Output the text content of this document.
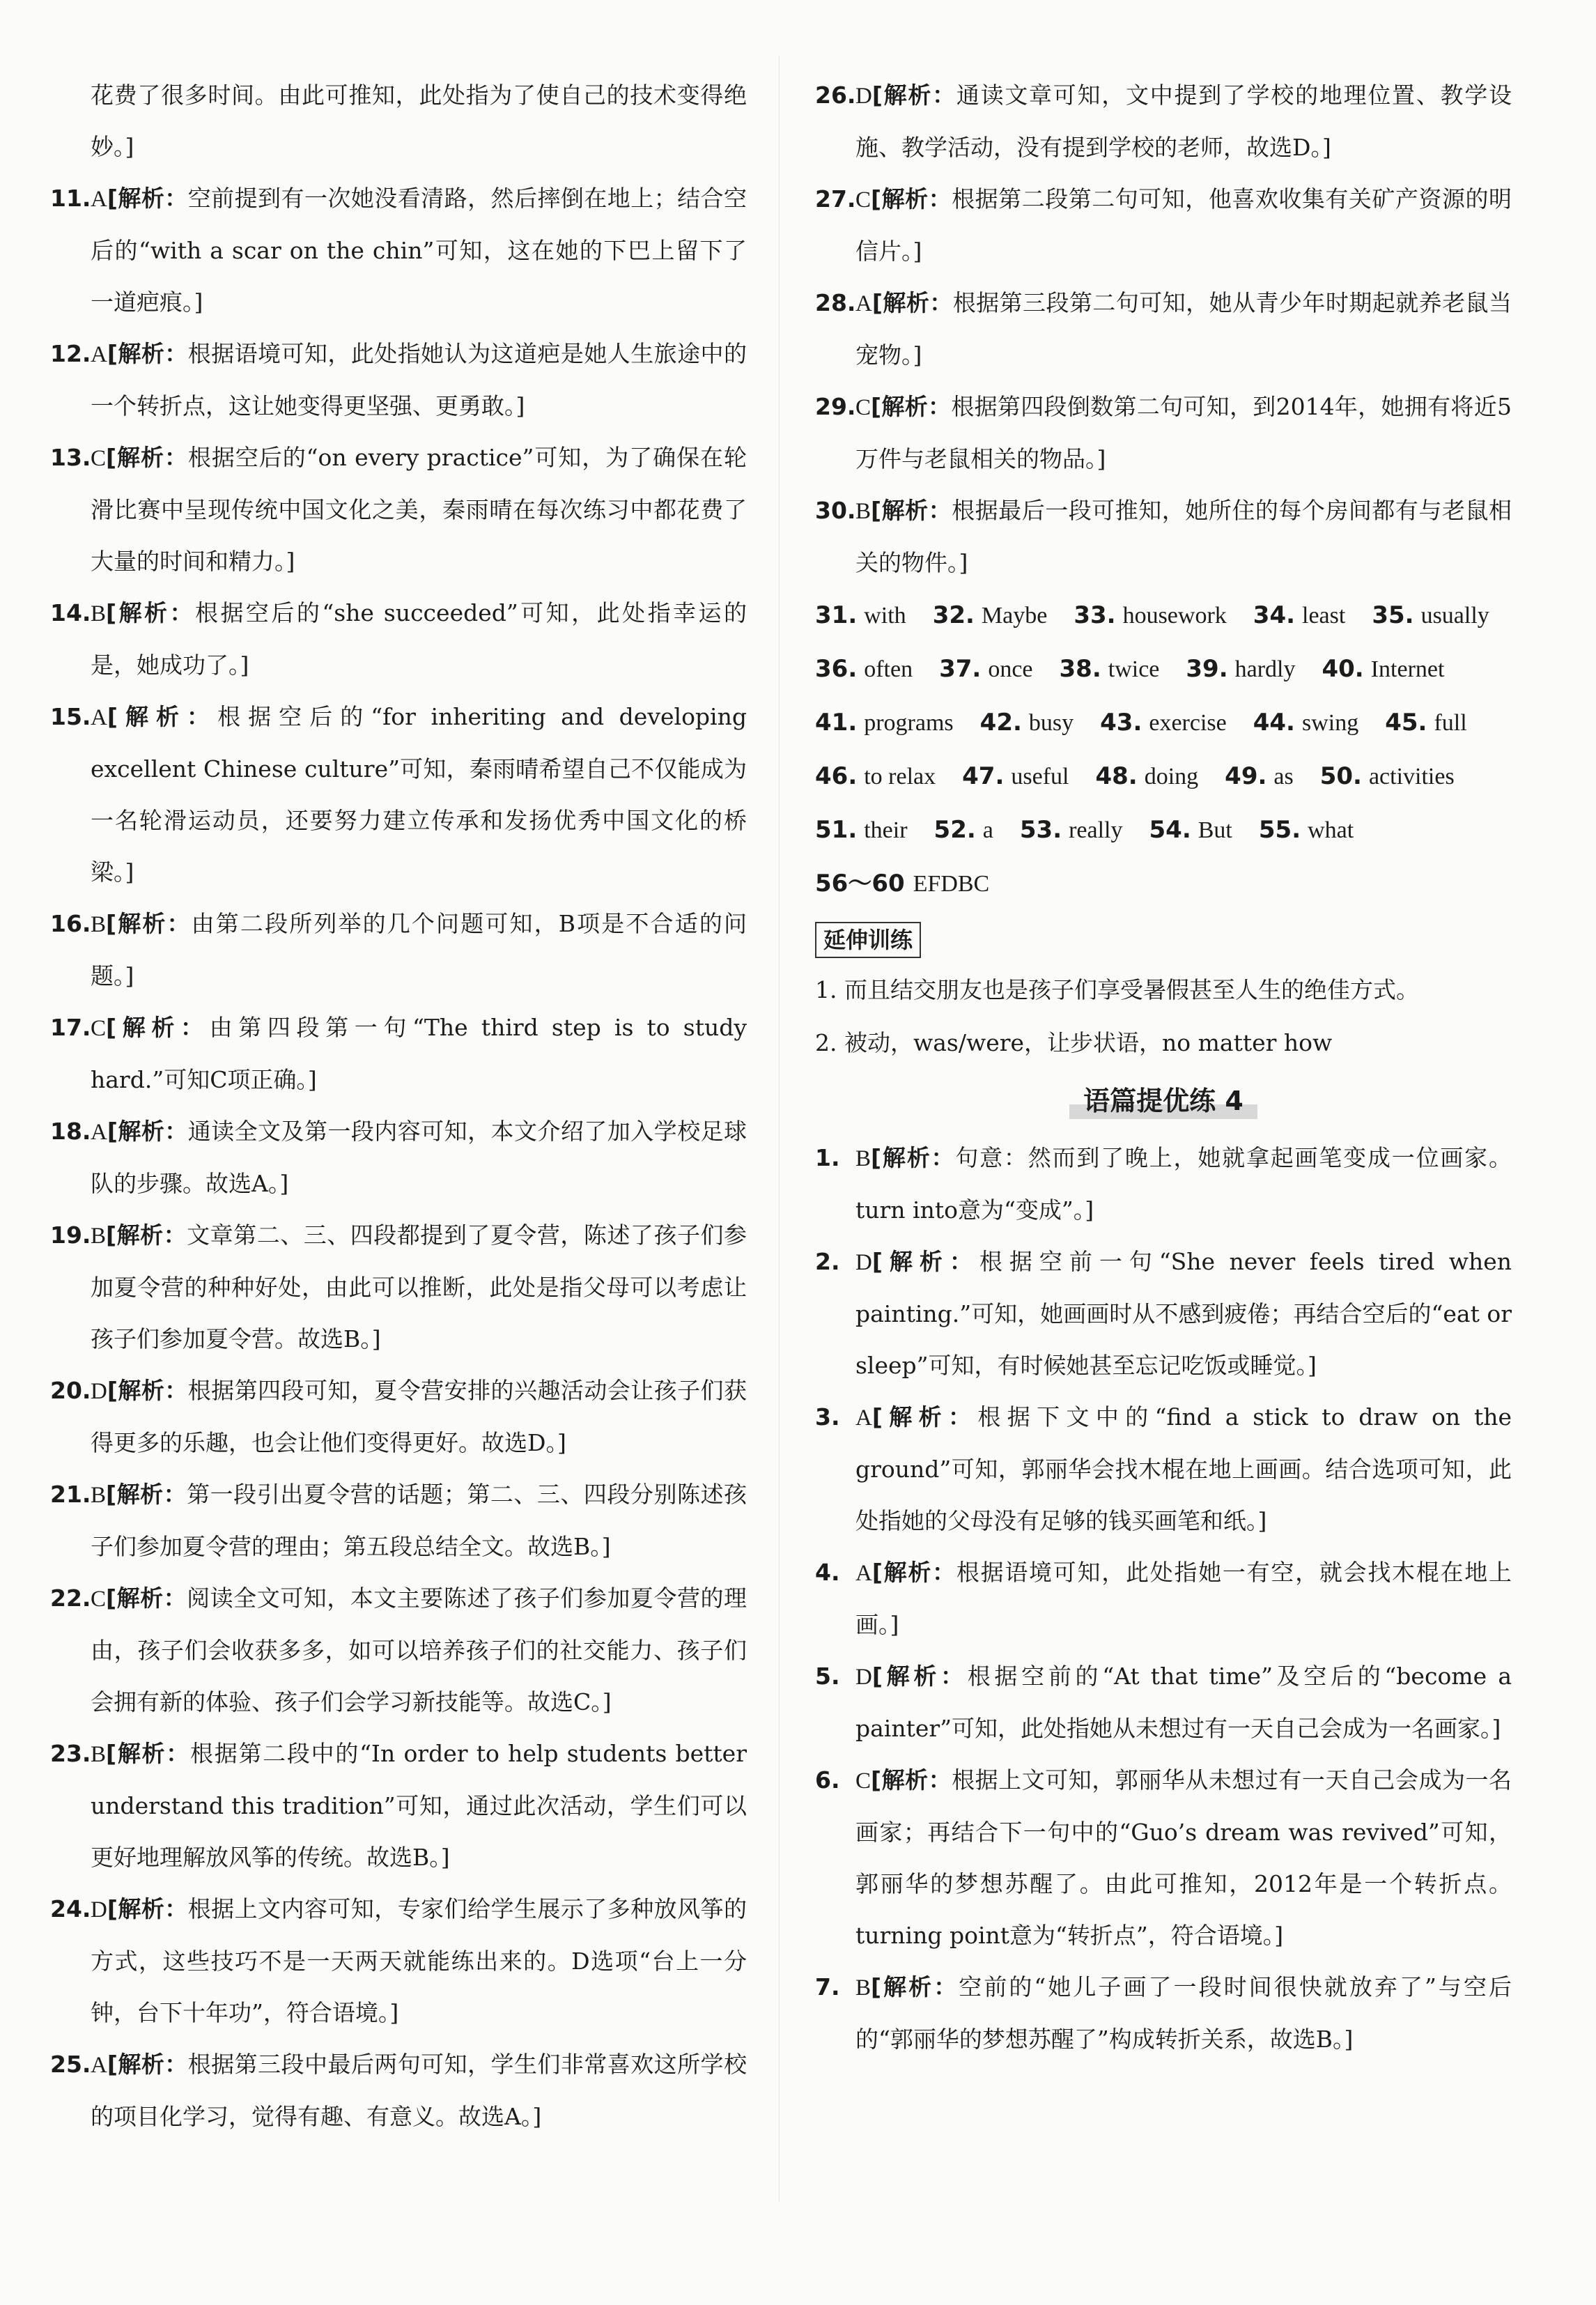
花费了很多时间。由此可推知，此处指为了使自己的技术变得绝妙。]
11. A[解析：空前提到有一次她没看清路，然后摔倒在地上；结合空后的“with a scar on the chin”可知，这在她的下巴上留下了一道疤痕。]
12. A[解析：根据语境可知，此处指她认为这道疤是她人生旅途中的一个转折点，这让她变得更坚强、更勇敢。]
13. C[解析：根据空后的“on every practice”可知，为了确保在轮滑比赛中呈现传统中国文化之美，秦雨晴在每次练习中都花费了大量的时间和精力。]
14. B[解析：根据空后的“she succeeded”可知，此处指幸运的是，她成功了。]
15. A[解析：根据空后的“for inheriting and developing excellent Chinese culture”可知，秦雨晴希望自己不仅能成为一名轮滑运动员，还要努力建立传承和发扬优秀中国文化的桥梁。]
16. B[解析：由第二段所列举的几个问题可知，B项是不合适的问题。]
17. C[解析：由第四段第一句“The third step is to study hard.”可知C项正确。]
18. A[解析：通读全文及第一段内容可知，本文介绍了加入学校足球队的步骤。故选A。]
19. B[解析：文章第二、三、四段都提到了夏令营，陈述了孩子们参加夏令营的种种好处，由此可以推断，此处是指父母可以考虑让孩子们参加夏令营。故选B。]
20. D[解析：根据第四段可知，夏令营安排的兴趣活动会让孩子们获得更多的乐趣，也会让他们变得更好。故选D。]
21. B[解析：第一段引出夏令营的话题；第二、三、四段分别陈述孩子们参加夏令营的理由；第五段总结全文。故选B。]
22. C[解析：阅读全文可知，本文主要陈述了孩子们参加夏令营的理由，孩子们会收获多多，如可以培养孩子们的社交能力、孩子们会拥有新的体验、孩子们会学习新技能等。故选C。]
23. B[解析：根据第二段中的“In order to help students better understand this tradition”可知，通过此次活动，学生们可以更好地理解放风筝的传统。故选B。]
24. D[解析：根据上文内容可知，专家们给学生展示了多种放风筝的方式，这些技巧不是一天两天就能练出来的。D选项“台上一分钟，台下十年功”，符合语境。]
25. A[解析：根据第三段中最后两句可知，学生们非常喜欢这所学校的项目化学习，觉得有趣、有意义。故选A。]
26. D[解析：通读文章可知，文中提到了学校的地理位置、教学设施、教学活动，没有提到学校的老师，故选D。]
27. C[解析：根据第二段第二句可知，他喜欢收集有关矿产资源的明信片。]
28. A[解析：根据第三段第二句可知，她从青少年时期起就养老鼠当宠物。]
29. C[解析：根据第四段倒数第二句可知，到2014年，她拥有将近5万件与老鼠相关的物品。]
30. B[解析：根据最后一段可推知，她所住的每个房间都有与老鼠相关的物件。]
31. with 32. Maybe 33. housework 34. least 35. usually
36. often 37. once 38. twice 39. hardly 40. Internet
41. programs 42. busy 43. exercise 44. swing 45. full
46. to relax 47. useful 48. doing 49. as 50. activities
51. their 52. a 53. really 54. But 55. what
56～60 EFDBC
延伸训练
1. 而且结交朋友也是孩子们享受暑假甚至人生的绝佳方式。
2. 被动，was/were，让步状语，no matter how
语篇提优练 4
1. B[解析：句意：然而到了晚上，她就拿起画笔变成一位画家。turn into意为“变成”。]
2. D[解析：根据空前一句“She never feels tired when painting.”可知，她画画时从不感到疲倦；再结合空后的“eat or sleep”可知，有时候她甚至忘记吃饭或睡觉。]
3. A[解析：根据下文中的“find a stick to draw on the ground”可知，郭丽华会找木棍在地上画画。结合选项可知，此处指她的父母没有足够的钱买画笔和纸。]
4. A[解析：根据语境可知，此处指她一有空，就会找木棍在地上画。]
5. D[解析：根据空前的“At that time”及空后的“become a painter”可知，此处指她从未想过有一天自己会成为一名画家。]
6. C[解析：根据上文可知，郭丽华从未想过有一天自己会成为一名画家；再结合下一句中的“Guo’s dream was revived”可知，郭丽华的梦想苏醒了。由此可推知，2012年是一个转折点。turning point意为“转折点”，符合语境。]
7. B[解析：空前的“她儿子画了一段时间很快就放弃了”与空后的“郭丽华的梦想苏醒了”构成转折关系，故选B。]
